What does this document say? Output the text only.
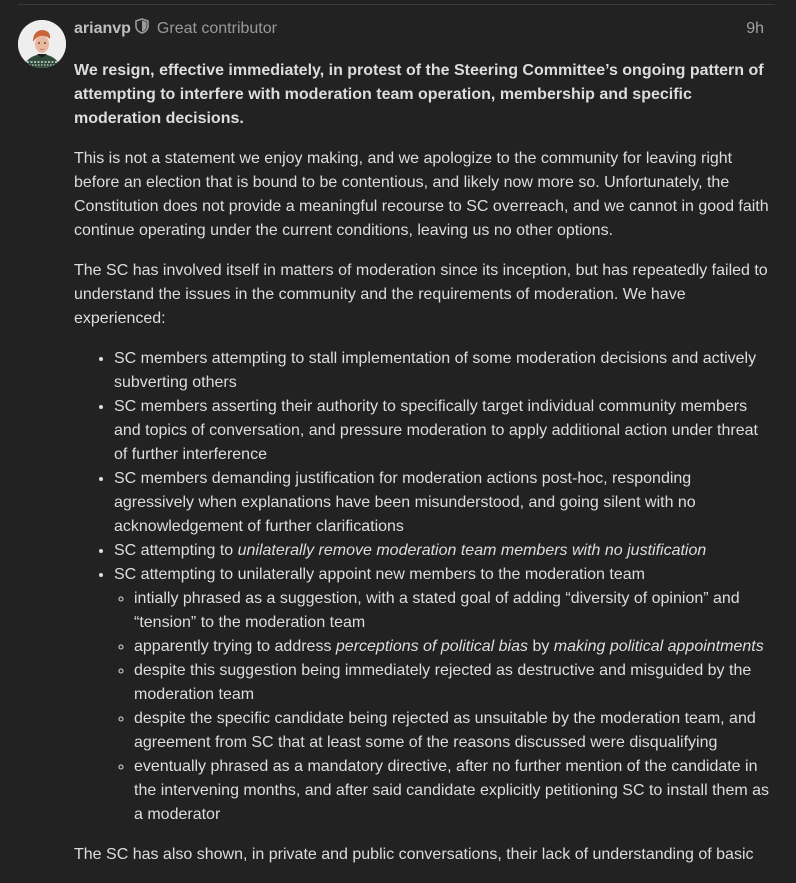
arianvp Great contributor	9h

We resign, effective immediately, in protest of the Steering Committee’s ongoing pattern of attempting to interfere with moderation team operation, membership and specific moderation decisions.

This is not a statement we enjoy making, and we apologize to the community for leaving right before an election that is bound to be contentious, and likely now more so. Unfortunately, the Constitution does not provide a meaningful recourse to SC overreach, and we cannot in good faith continue operating under the current conditions, leaving us no other options.

The SC has involved itself in matters of moderation since its inception, but has repeatedly failed to understand the issues in the community and the requirements of moderation. We have experienced:

• SC members attempting to stall implementation of some moderation decisions and actively subverting others
• SC members asserting their authority to specifically target individual community members and topics of conversation, and pressure moderation to apply additional action under threat of further interference
• SC members demanding justification for moderation actions post-hoc, responding agressively when explanations have been misunderstood, and going silent with no acknowledgement of further clarifications
• SC attempting to unilaterally remove moderation team members with no justification
• SC attempting to unilaterally appoint new members to the moderation team
◦ intially phrased as a suggestion, with a stated goal of adding “diversity of opinion” and “tension” to the moderation team
◦ apparently trying to address perceptions of political bias by making political appointments
◦ despite this suggestion being immediately rejected as destructive and misguided by the moderation team
◦ despite the specific candidate being rejected as unsuitable by the moderation team, and agreement from SC that at least some of the reasons discussed were disqualifying
◦ eventually phrased as a mandatory directive, after no further mention of the candidate in the intervening months, and after said candidate explicitly petitioning SC to install them as a moderator

The SC has also shown, in private and public conversations, their lack of understanding of basic
